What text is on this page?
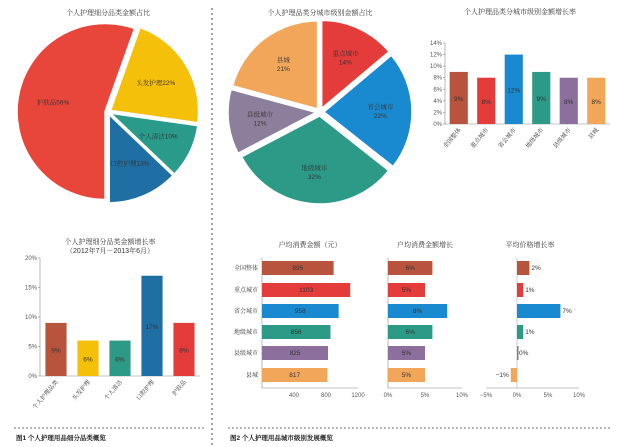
图1 个人护理用品细分品类概览	图2 个人护理用品城市级别发展概览
个人护理细分品类金额占比
护肤品56%
头发护理22%
个人清洁10%
口腔护理13%
个人护理品类分城市级别金额占比
重点城市
14%
省会城市
22%
地级城市
32%
县级城市
12%
县城
21%
个人护理品类分城市级别金额增长率
0%
2%
4%
6%
8%
10%
12%
14%
9%
全国整体
8%
重点城市
12%
省会城市
9%
地级城市
8%
县级城市
8%
县城
个人护理细分品类金额增长率
（2012年7月－2013年6月）
0%
5%
10%
15%
20%
9%
个人护理品类
6%
头发护理
6%
个人清洁
17%
口腔护理
8%
护肤品
户均消费金额（元）
400	800	1200
895
全国整体
1103
重点城市
958
省会城市
856
地级城市
825
县级城市
817
县城
户均消费金额增长
0%	5%	10%
6%
5%
8%
6%
5%
5%
平均价格增长率
−5%	0%	5%	10%
2%
1%
7%
1%
0%
−1%
